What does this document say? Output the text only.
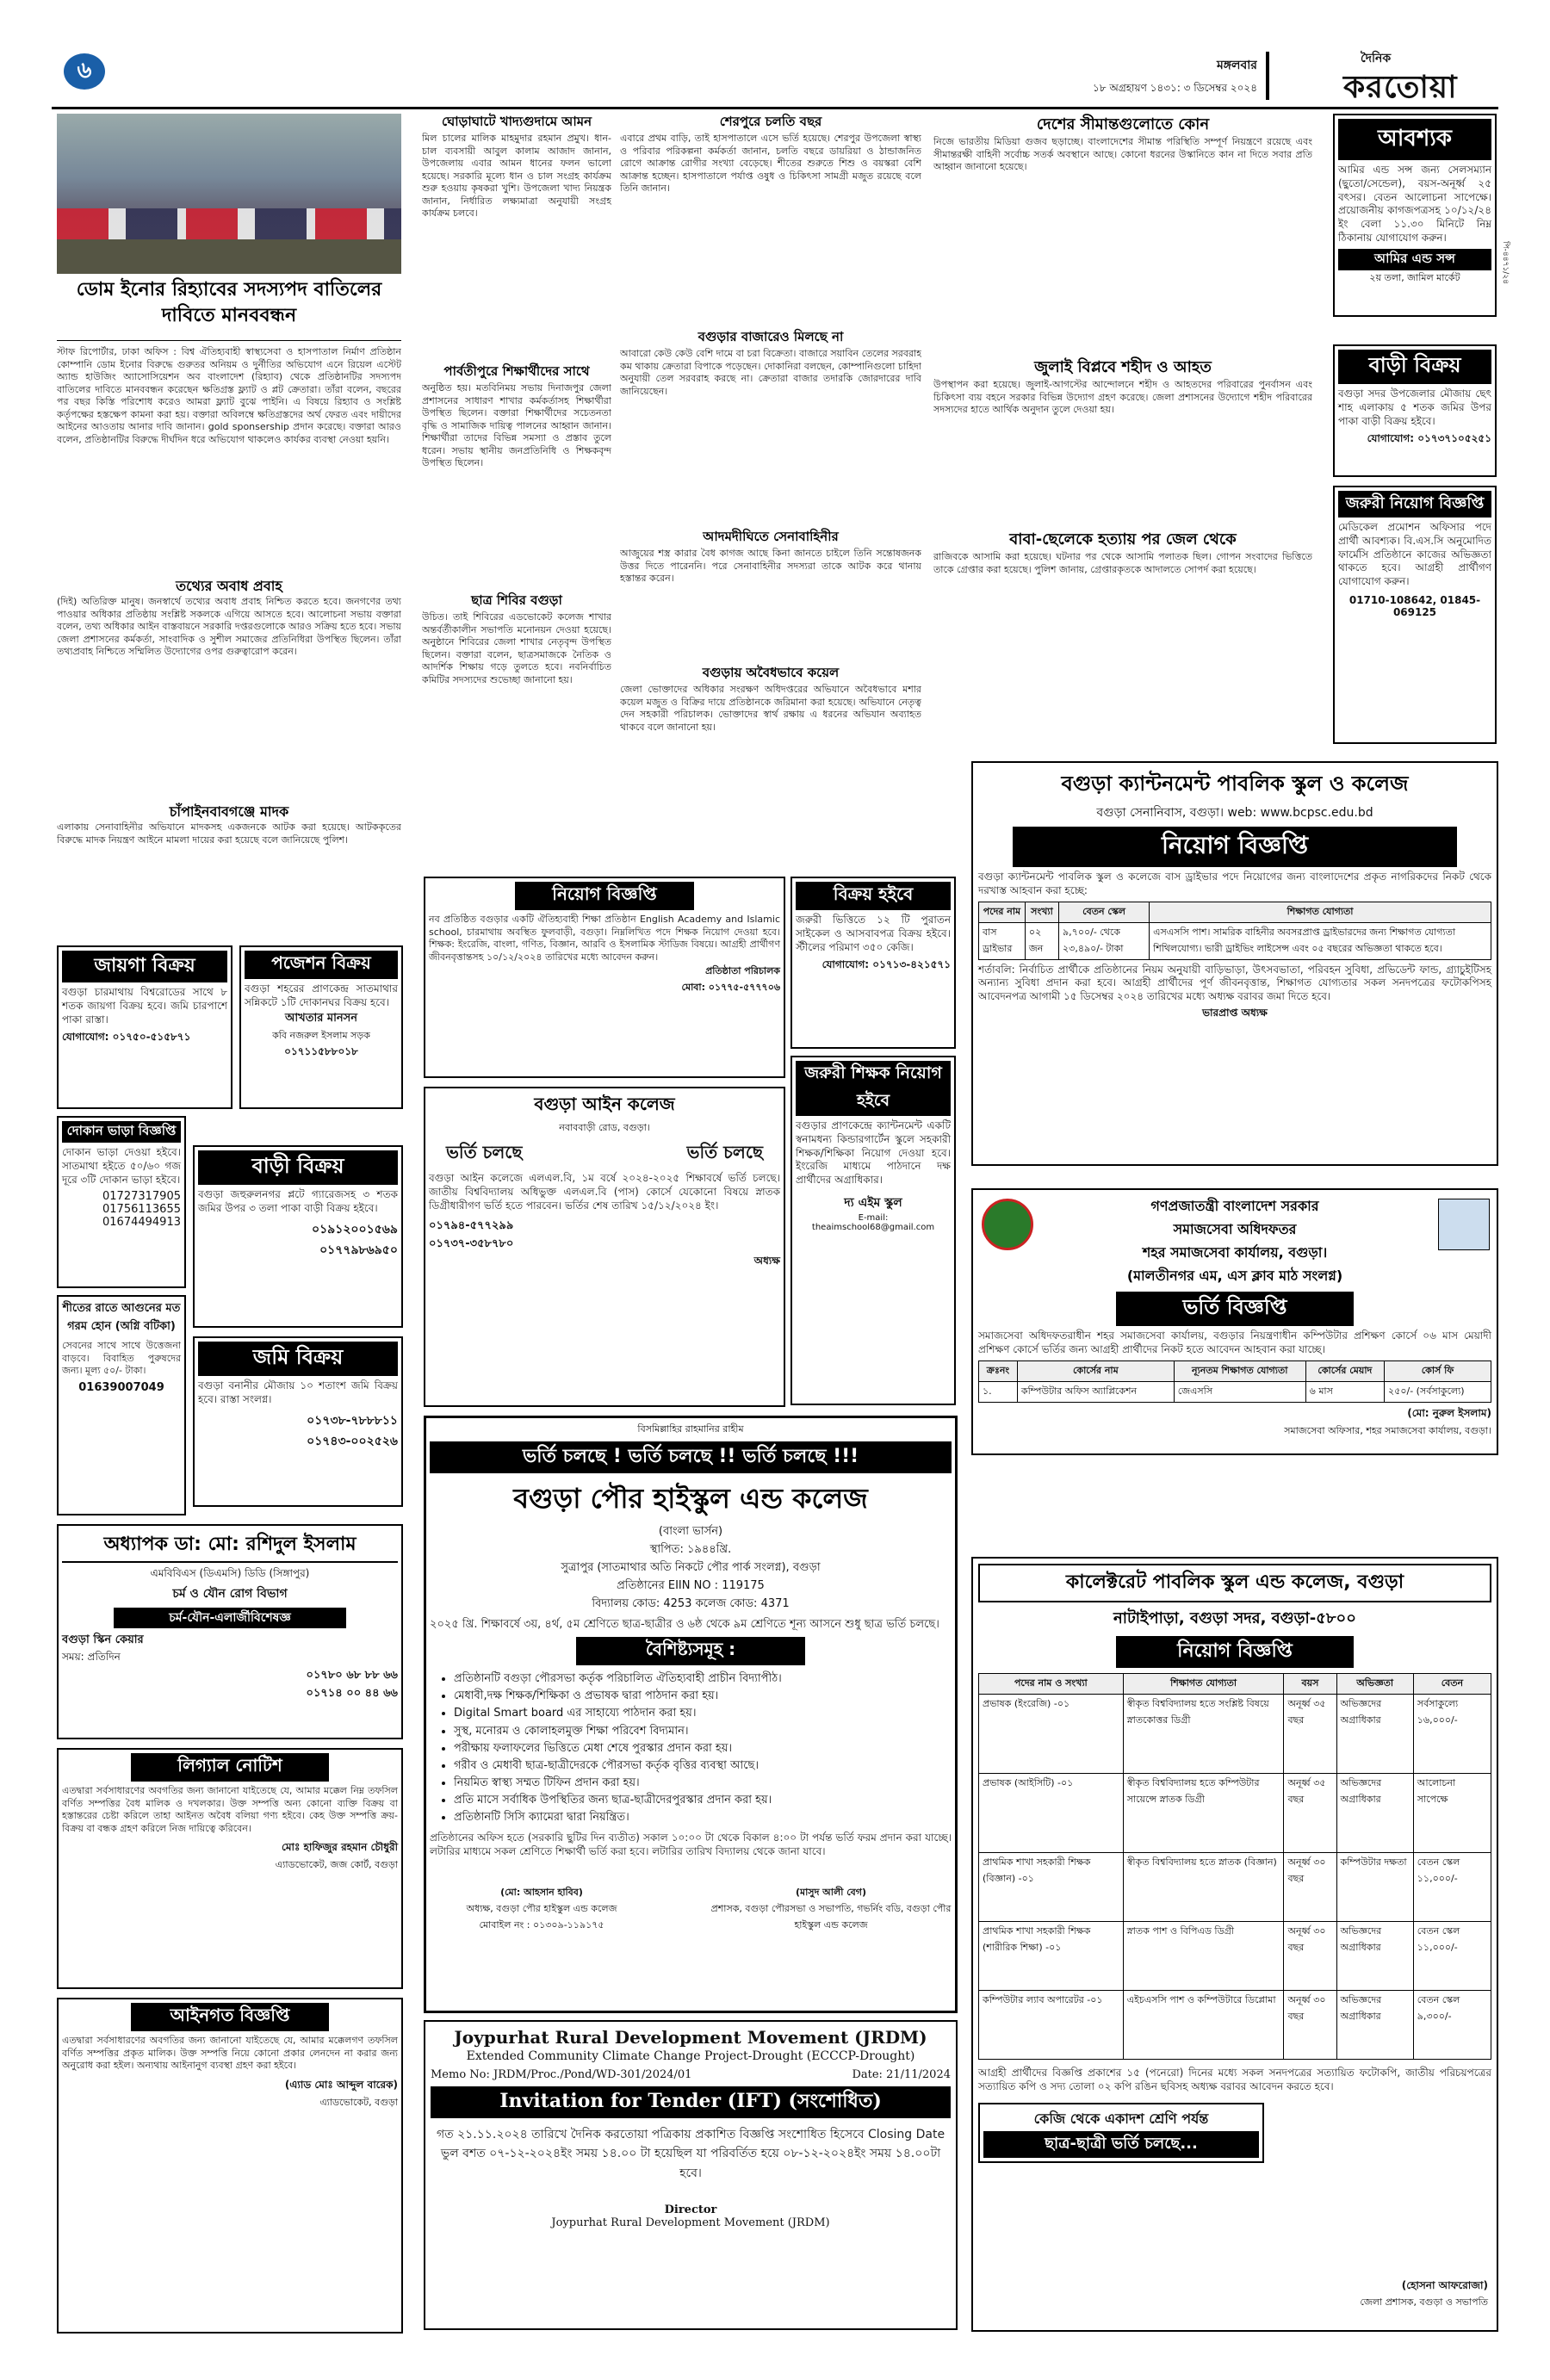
৬	মঙ্গলবার
১৮ অগ্রহায়ণ ১৪৩১: ৩ ডিসেম্বর ২০২৪
দৈনিক
করতোয়া
ডোম ইনোর রিহ্যাবের সদস্যপদ বাতিলের দাবিতে মানববন্ধন

স্টাফ রিপোর্টার, ঢাকা অফিস : বিশ্ব ঐতিহ্যবাহী স্বাস্থ্যসেবা ও হাসপাতাল নির্মাণ প্রতিষ্ঠান কোম্পানি ডোম ইনোর বিরুদ্ধে গুরুতর অনিয়ম ও দুর্নীতির অভিযোগ এনে রিয়েল এস্টেট অ্যান্ড হাউজিং অ্যাসোসিয়েশন অব বাংলাদেশ (রিহ্যাব) থেকে প্রতিষ্ঠানটির সদস্যপদ বাতিলের দাবিতে মানববন্ধন করেছেন ক্ষতিগ্রস্ত ফ্ল্যাট ও প্লট ক্রেতারা। তাঁরা বলেন, বছরের পর বছর কিস্তি পরিশোধ করেও আমরা ফ্ল্যাট বুঝে পাইনি। এ বিষয়ে রিহ্যাব ও সংশ্লিষ্ট কর্তৃপক্ষের হস্তক্ষেপ কামনা করা হয়। বক্তারা অবিলম্বে ক্ষতিগ্রস্তদের অর্থ ফেরত এবং দায়ীদের আইনের আওতায় আনার দাবি জানান। gold sponsership প্রদান করেছে। বক্তারা আরও বলেন, প্রতিষ্ঠানটির বিরুদ্ধে দীর্ঘদিন ধরে অভিযোগ থাকলেও কার্যকর ব্যবস্থা নেওয়া হয়নি।

তথ্যের অবাধ প্রবাহ

(দিই) অতিরিক্ত মানুষ। জনস্বার্থে তথ্যের অবাধ প্রবাহ নিশ্চিত করতে হবে। জনগণের তথ্য পাওয়ার অধিকার প্রতিষ্ঠায় সংশ্লিষ্ট সকলকে এগিয়ে আসতে হবে। আলোচনা সভায় বক্তারা বলেন, তথ্য অধিকার আইন বাস্তবায়নে সরকারি দপ্তরগুলোকে আরও সক্রিয় হতে হবে। সভায় জেলা প্রশাসনের কর্মকর্তা, সাংবাদিক ও সুশীল সমাজের প্রতিনিধিরা উপস্থিত ছিলেন। তাঁরা তথ্যপ্রবাহ নিশ্চিতে সম্মিলিত উদ্যোগের ওপর গুরুত্বারোপ করেন।

চাঁপাইনবাবগঞ্জে মাদক

এলাকায় সেনাবাহিনীর অভিযানে মাদকসহ একজনকে আটক করা হয়েছে। আটককৃতের বিরুদ্ধে মাদক নিয়ন্ত্রণ আইনে মামলা দায়ের করা হয়েছে বলে জানিয়েছে পুলিশ।

ঘোড়াঘাটে খাদ্যগুদামে আমন

মিল চালের মালিক মাহমুদার রহমান প্রমুখ। ধান-চাল ব্যবসায়ী আবুল কালাম আজাদ জানান, উপজেলায় এবার আমন ধানের ফলন ভালো হয়েছে। সরকারি মূল্যে ধান ও চাল সংগ্রহ কার্যক্রম শুরু হওয়ায় কৃষকরা খুশি। উপজেলা খাদ্য নিয়ন্ত্রক জানান, নির্ধারিত লক্ষ্যমাত্রা অনুযায়ী সংগ্রহ কার্যক্রম চলবে।

পার্বতীপুরে শিক্ষার্থীদের সাথে

অনুষ্ঠিত হয়। মতবিনিময় সভায় দিনাজপুর জেলা প্রশাসনের সাধারণ শাখার কর্মকর্তাসহ শিক্ষার্থীরা উপস্থিত ছিলেন। বক্তারা শিক্ষার্থীদের সচেতনতা বৃদ্ধি ও সামাজিক দায়িত্ব পালনের আহ্বান জানান। শিক্ষার্থীরা তাদের বিভিন্ন সমস্যা ও প্রস্তাব তুলে ধরেন। সভায় স্থানীয় জনপ্রতিনিধি ও শিক্ষকবৃন্দ উপস্থিত ছিলেন।

ছাত্র শিবির বগুড়া

উচিত। তাই শিবিরের এডভোকেট কলেজ শাখার অন্তর্বর্তীকালীন সভাপতি মনোনয়ন দেওয়া হয়েছে। অনুষ্ঠানে শিবিরের জেলা শাখার নেতৃবৃন্দ উপস্থিত ছিলেন। বক্তারা বলেন, ছাত্রসমাজকে নৈতিক ও আদর্শিক শিক্ষায় গড়ে তুলতে হবে। নবনির্বাচিত কমিটির সদস্যদের শুভেচ্ছা জানানো হয়।

শেরপুরে চলতি বছর

এবারে প্রথম বাড়ি, তাই হাসপাতালে এসে ভর্তি হয়েছে। শেরপুর উপজেলা স্বাস্থ্য ও পরিবার পরিকল্পনা কর্মকর্তা জানান, চলতি বছরে ডায়রিয়া ও ঠান্ডাজনিত রোগে আক্রান্ত রোগীর সংখ্যা বেড়েছে। শীতের শুরুতে শিশু ও বয়স্করা বেশি আক্রান্ত হচ্ছেন। হাসপাতালে পর্যাপ্ত ওষুধ ও চিকিৎসা সামগ্রী মজুত রয়েছে বলে তিনি জানান।

বগুড়ার বাজারেও মিলছে না

আবারো কেউ কেউ বেশি দামে বা চরা বিক্রেতা। বাজারে সয়াবিন তেলের সরবরাহ কম থাকায় ক্রেতারা বিপাকে পড়েছেন। দোকানিরা বলছেন, কোম্পানিগুলো চাহিদা অনুযায়ী তেল সরবরাহ করছে না। ক্রেতারা বাজার তদারকি জোরদারের দাবি জানিয়েছেন।

আদমদীঘিতে সেনাবাহিনীর

আজুয়ের শস্ত্র কারার বৈধ কাগজ আছে কিনা জানতে চাইলে তিনি সন্তোষজনক উত্তর দিতে পারেননি। পরে সেনাবাহিনীর সদস্যরা তাকে আটক করে থানায় হস্তান্তর করেন।

বগুড়ায় অবৈধভাবে কয়েল

জেলা ভোক্তাদের অধিকার সংরক্ষণ অধিদপ্তরের অভিযানে অবৈধভাবে মশার কয়েল মজুত ও বিক্রির দায়ে প্রতিষ্ঠানকে জরিমানা করা হয়েছে। অভিযানে নেতৃত্ব দেন সহকারী পরিচালক। ভোক্তাদের স্বার্থ রক্ষায় এ ধরনের অভিযান অব্যাহত থাকবে বলে জানানো হয়।

দেশের সীমান্তগুলোতে কোন

নিজে ভারতীয় মিডিয়া গুজব ছড়াচ্ছে। বাংলাদেশের সীমান্ত পরিস্থিতি সম্পূর্ণ নিয়ন্ত্রণে রয়েছে এবং সীমান্তরক্ষী বাহিনী সর্বোচ্চ সতর্ক অবস্থানে আছে। কোনো ধরনের উস্কানিতে কান না দিতে সবার প্রতি আহ্বান জানানো হয়েছে।

জুলাই বিপ্লবে শহীদ ও আহত

উপস্থাপন করা হয়েছে। জুলাই-আগস্টের আন্দোলনে শহীদ ও আহতদের পরিবারের পুনর্বাসন এবং চিকিৎসা ব্যয় বহনে সরকার বিভিন্ন উদ্যোগ গ্রহণ করেছে। জেলা প্রশাসনের উদ্যোগে শহীদ পরিবারের সদস্যদের হাতে আর্থিক অনুদান তুলে দেওয়া হয়।

বাবা-ছেলেকে হত্যায় পর জেল থেকে

রাজিবকে আসামি করা হয়েছে। ঘটনার পর থেকে আসামি পলাতক ছিল। গোপন সংবাদের ভিত্তিতে তাকে গ্রেপ্তার করা হয়েছে। পুলিশ জানায়, গ্রেপ্তারকৃতকে আদালতে সোপর্দ করা হয়েছে।

আবশ্যক
আমির এন্ড সন্স জন্য সেলসম্যান (ছুতো/সেন্ডেল), বয়স-অনূর্ধ্ব ২৫ বৎসর। বেতন আলোচনা সাপেক্ষে। প্রয়োজনীয় কাগজপত্রসহ ১০/১২/২৪ ইং বেলা ১১.৩০ মিনিটে নিম্ন ঠিকানায় যোগাযোগ করুন।
আমির এন্ড সন্স
২য় তলা, জামিল মার্কেট	পি-৪৪৭১/২৪
বাড়ী বিক্রয়
বগুড়া সদর উপজেলার মৌজায় ছেৎ শাহ এলাকায় ৫ শতক জমির উপর পাকা বাড়ী বিক্রয় হইবে।
যোগাযোগ: ০১৭৩৭১০৫২৫১
জরুরী নিয়োগ বিজ্ঞপ্তি
মেডিকেল প্রমোশন অফিসার পদে প্রার্থী আবশ্যক। বি.এস.সি অনুমোদিত ফার্মেসি প্রতিষ্ঠানে কাজের অভিজ্ঞতা থাকতে হবে। আগ্রহী প্রার্থীগণ যোগাযোগ করুন।
01710-108642, 01845-069125
বগুড়া ক্যান্টনমেন্ট পাবলিক স্কুল ও কলেজ
বগুড়া সেনানিবাস, বগুড়া। web: www.bcpsc.edu.bd
নিয়োগ বিজ্ঞপ্তি
বগুড়া ক্যান্টনমেন্ট পাবলিক স্কুল ও কলেজে বাস ড্রাইভার পদে নিয়োগের জন্য বাংলাদেশের প্রকৃত নাগরিকদের নিকট থেকে দরখাস্ত আহবান করা হচ্ছে:
পদের নাম	সংখ্যা	বেতন স্কেল	শিক্ষাগত যোগ্যতা
বাস ড্রাইভার	০২ জন	৯,৭০০/- থেকে ২৩,৪৯০/- টাকা	এসএসসি পাশ। সামরিক বাহিনীর অবসরপ্রাপ্ত ড্রাইভারদের জন্য শিক্ষাগত যোগ্যতা শিথিলযোগ্য। ভারী ড্রাইভিং লাইসেন্স এবং ০৫ বছরের অভিজ্ঞতা থাকতে হবে।
শর্তাবলি: নির্বাচিত প্রার্থীকে প্রতিষ্ঠানের নিয়ম অনুযায়ী বাড়িভাড়া, উৎসবভাতা, পরিবহন সুবিধা, প্রভিডেন্ট ফান্ড, গ্র্যাচুইটিসহ অন্যান্য সুবিধা প্রদান করা হবে। আগ্রহী প্রার্থীদের পূর্ণ জীবনবৃত্তান্ত, শিক্ষাগত যোগ্যতার সকল সনদপত্রের ফটোকপিসহ আবেদনপত্র আগামী ১৫ ডিসেম্বর ২০২৪ তারিখের মধ্যে অধ্যক্ষ বরাবর জমা দিতে হবে।
ভারপ্রাপ্ত অধ্যক্ষ
গণপ্রজাতন্ত্রী বাংলাদেশ সরকার
সমাজসেবা অধিদফতর
শহর সমাজসেবা কার্যালয়, বগুড়া।
(মালতীনগর এম, এস ক্লাব মাঠ সংলগ্ন)
ভর্তি বিজ্ঞপ্তি
সমাজসেবা অধিদফতরাধীন শহর সমাজসেবা কার্যালয়, বগুড়ার নিয়ন্ত্রণাধীন কম্পিউটার প্রশিক্ষণ কোর্সে ০৬ মাস মেয়াদী প্রশিক্ষণ কোর্সে ভর্তির জন্য আগ্রহী প্রার্থীদের নিকট হতে আবেদন আহবান করা যাচ্ছে।
ক্রঃনং	কোর্সের নাম	ন্যূনতম শিক্ষাগত যোগ্যতা	কোর্সের মেয়াদ	কোর্স ফি
১.	কম্পিউটার অফিস অ্যাপ্লিকেশন	জেএসসি	৬ মাস	২৫০/- (সর্বসাকুল্যে)
(মো: নুরুল ইসলাম)
সমাজসেবা অফিসার, শহর সমাজসেবা কার্যালয়, বগুড়া।
কালেক্টরেট পাবলিক স্কুল এন্ড কলেজ, বগুড়া
নাটাইপাড়া, বগুড়া সদর, বগুড়া-৫৮০০
নিয়োগ বিজ্ঞপ্তি
পদের নাম ও সংখ্যা	শিক্ষাগত যোগ্যতা	বয়স	অভিজ্ঞতা	বেতন
প্রভাষক (ইংরেজি) -০১	স্বীকৃত বিশ্ববিদ্যালয় হতে সংশ্লিষ্ট বিষয়ে স্নাতকোত্তর ডিগ্রী	অনূর্ধ্ব ৩৫ বছর	অভিজ্ঞদের অগ্রাধিকার	সর্বসাকুল্যে ১৬,০০০/-
প্রভাষক (আইসিটি) -০১	স্বীকৃত বিশ্ববিদ্যালয় হতে কম্পিউটার সায়েন্সে স্নাতক ডিগ্রী	অনূর্ধ্ব ৩৫ বছর	অভিজ্ঞদের অগ্রাধিকার	আলোচনা সাপেক্ষে
প্রাথমিক শাখা সহকারী শিক্ষক (বিজ্ঞান) -০১	স্বীকৃত বিশ্ববিদ্যালয় হতে স্নাতক (বিজ্ঞান)	অনূর্ধ্ব ৩০ বছর	কম্পিউটার দক্ষতা	বেতন স্কেল ১১,০০০/-
প্রাথমিক শাখা সহকারী শিক্ষক (শারীরিক শিক্ষা) -০১	স্নাতক পাশ ও বিপিএড ডিগ্রী	অনূর্ধ্ব ৩০ বছর	অভিজ্ঞদের অগ্রাধিকার	বেতন স্কেল ১১,০০০/-
কম্পিউটার ল্যাব অপারেটর -০১	এইচএসসি পাশ ও কম্পিউটারে ডিপ্লোমা	অনূর্ধ্ব ৩০ বছর	অভিজ্ঞদের অগ্রাধিকার	বেতন স্কেল ৯,৩০০/-
আগ্রহী প্রার্থীদের বিজ্ঞপ্তি প্রকাশের ১৫ (পনেরো) দিনের মধ্যে সকল সনদপত্রের সত্যায়িত ফটোকপি, জাতীয় পরিচয়পত্রের সত্যায়িত কপি ও সদ্য তোলা ০২ কপি রঙিন ছবিসহ অধ্যক্ষ বরাবর আবেদন করতে হবে।
কেজি থেকে একাদশ শ্রেণি পর্যন্ত
ছাত্র-ছাত্রী ভর্তি চলছে...
(হোসনা আফরোজা)
জেলা প্রশাসক, বগুড়া ও সভাপতি
জায়গা বিক্রয়
বগুড়া চারমাথায় বিশ্বরোডের সাথে ৮ শতক জায়গা বিক্রয় হবে। জমি চারপাশে পাকা রাস্তা।
যোগাযোগ: ০১৭৫০-৫১৫৮৭১
পজেশন বিক্রয়
বগুড়া শহরের প্রাণকেন্দ্র সাতমাথার সন্নিকটে ১টি দোকানঘর বিক্রয় হবে।
আখতার মানসন
কবি নজরুল ইসলাম সড়ক
০১৭১১৫৮৮০১৮
দোকান ভাড়া বিজ্ঞপ্তি
দোকান ভাড়া দেওয়া হইবে। সাতমাথা হইতে ৫০/৬০ গজ দূরে ৩টি দোকান ভাড়া হইবে।
01727317905
01756113655
01674494913
বাড়ী বিক্রয়
বগুড়া জহুরুলনগর প্লটে গ্যারেজসহ ৩ শতক জমির উপর ৩ তলা পাকা বাড়ী বিক্রয় হইবে।
০১৯১২০০১৫৬৯
০১৭৭৯৮৬৯৫০
শীতের রাতে আগুনের মত গরম হোন (অগ্নি বটিকা)
সেবনের সাথে সাথে উত্তেজনা বাড়বে। বিবাহিত পুরুষদের জন্য। মূল্য ৫০/- টাকা।
01639007049
জমি বিক্রয়
বগুড়া বনানীর মৌজায় ১০ শতাংশ জমি বিক্রয় হবে। রাস্তা সংলগ্ন।
০১৭৩৮-৭৮৮৮১১
০১৭৪৩-০০২৫২৬
অধ্যাপক ডা: মো: রশিদুল ইসলাম
এমবিবিএস (ডিএমসি) ডিডি (সিঙ্গাপুর)
চর্ম ও যৌন রোগ বিভাগ
চর্ম-যৌন-এলার্জীবিশেষজ্ঞ
বগুড়া স্কিন কেয়ার
সময়: প্রতিদিন
০১৭৮০ ৬৮ ৮৮ ৬৬
০১৭১৪ ০০ ৪৪ ৬৬
লিগ্যাল নোটিশ
এতদ্বারা সর্বসাধারণের অবগতির জন্য জানানো যাইতেছে যে, আমার মক্কেল নিম্ন তফসিল বর্ণিত সম্পত্তির বৈধ মালিক ও দখলকার। উক্ত সম্পত্তি অন্য কোনো ব্যক্তি বিক্রয় বা হস্তান্তরের চেষ্টা করিলে তাহা আইনত অবৈধ বলিয়া গণ্য হইবে। কেহ উক্ত সম্পত্তি ক্রয়-বিক্রয় বা বন্ধক গ্রহণ করিলে নিজ দায়িত্বে করিবেন।
মোঃ হাফিজুর রহমান চৌধুরী
এ্যাডভোকেট, জজ কোর্ট, বগুড়া
আইনগত বিজ্ঞপ্তি
এতদ্বারা সর্বসাধারণের অবগতির জন্য জানানো যাইতেছে যে, আমার মক্কেলগণ তফসিল বর্ণিত সম্পত্তির প্রকৃত মালিক। উক্ত সম্পত্তি নিয়ে কোনো প্রকার লেনদেন না করার জন্য অনুরোধ করা হইল। অন্যথায় আইনানুগ ব্যবস্থা গ্রহণ করা হইবে।
(এ্যাড মোঃ আব্দুল বারেক)
এ্যাডভোকেট, বগুড়া
নিয়োগ বিজ্ঞপ্তি
নব প্রতিষ্ঠিত বগুড়ার একটি ঐতিহ্যবাহী শিক্ষা প্রতিষ্ঠান English Academy and Islamic school, চারমাথায় অবস্থিত ফুলবাড়ী, বগুড়া। নিম্নলিখিত পদে শিক্ষক নিয়োগ দেওয়া হবে। শিক্ষক: ইংরেজি, বাংলা, গণিত, বিজ্ঞান, আরবি ও ইসলামিক স্টাডিজ বিষয়ে। আগ্রহী প্রার্থীগণ জীবনবৃত্তান্তসহ ১০/১২/২০২৪ তারিখের মধ্যে আবেদন করুন।
প্রতিষ্ঠাতা পরিচালক
মোবা: ০১৭৭৫-৫৭৭৭০৬
বিক্রয় হইবে
জরুরী ভিত্তিতে ১২ টি পুরাতন সাইকেল ও আসবাবপত্র বিক্রয় হইবে। স্টীলের পরিমাণ ৩৫০ কেজি।
যোগাযোগ: ০১৭১৩-৪২১৫৭১
বগুড়া আইন কলেজ
নবাববাড়ী রোড, বগুড়া।
ভর্তি চলছে	ভর্তি চলছে
বগুড়া আইন কলেজে এলএল.বি, ১ম বর্ষে ২০২৪-২০২৫ শিক্ষাবর্ষে ভর্তি চলছে। জাতীয় বিশ্ববিদ্যালয় অধিভুক্ত এলএল.বি (পাস) কোর্সে যেকোনো বিষয়ে স্নাতক ডিগ্রীধারীগণ ভর্তি হতে পারবেন। ভর্তির শেষ তারিখ ১৫/১২/২০২৪ ইং।
০১৭৯৪-৫৭৭২৯৯
০১৭৩৭-৩৫৮৭৮০
অধ্যক্ষ
জরুরী শিক্ষক নিয়োগ হইবে
বগুড়ার প্রাণকেন্দ্রে ক্যান্টনমেন্ট একটি স্বনামধন্য কিন্ডারগার্টেন স্কুলে সহকারী শিক্ষক/শিক্ষিকা নিয়োগ দেওয়া হবে। ইংরেজি মাধ্যমে পাঠদানে দক্ষ প্রার্থীদের অগ্রাধিকার।
দ্য এইম স্কুল
E-mail: theaimschool68@gmail.com
বিসমিল্লাহির রাহমানির রাহীম
ভর্তি চলছে ! ভর্তি চলছে !! ভর্তি চলছে !!!
বগুড়া পৌর হাইস্কুল এন্ড কলেজ
(বাংলা ভার্সন)
স্থাপিত: ১৯৪৪খ্রি.
সুত্রাপুর (সাতমাথার অতি নিকটে পৌর পার্ক সংলগ্ন), বগুড়া
প্রতিষ্ঠানের EIIN NO : 119175
বিদ্যালয় কোড: 4253 কলেজ কোড: 4371
২০২৫ খ্রি. শিক্ষাবর্ষে ৩য়, ৪র্থ, ৫ম শ্রেণিতে ছাত্র-ছাত্রীর ও ৬ষ্ঠ থেকে ৯ম শ্রেণিতে শূন্য আসনে শুধু ছাত্র ভর্তি চলছে।
বৈশিষ্ট্যসমূহ :
• প্রতিষ্ঠানটি বগুড়া পৌরসভা কর্তৃক পরিচালিত ঐতিহ্যবাহী প্রাচীন বিদ্যাপীঠ।
• মেধাবী,দক্ষ শিক্ষক/শিক্ষিকা ও প্রভাষক দ্বারা পাঠদান করা হয়।
• Digital Smart board এর সাহায্যে পাঠদান করা হয়।
• সুস্থ, মনোরম ও কোলাহলমুক্ত শিক্ষা পরিবেশ বিদ্যমান।
• পরীক্ষায় ফলাফলের ভিত্তিতে মেধা শেষে পুরস্কার প্রদান করা হয়।
• গরীব ও মেধাবী ছাত্র-ছাত্রীদেরকে পৌরসভা কর্তৃক বৃত্তির ব্যবস্থা আছে।
• নিয়মিত স্বাস্থ্য সম্মত টিফিন প্রদান করা হয়।
• প্রতি মাসে সর্বাধিক উপস্থিতির জন্য ছাত্র-ছাত্রীদেরপুরস্কার প্রদান করা হয়।
• প্রতিষ্ঠানটি সিসি ক্যামেরা দ্বারা নিয়ন্ত্রিত।
প্রতিষ্ঠানের অফিস হতে (সরকারি ছুটির দিন ব্যতীত) সকাল ১০:০০ টা থেকে বিকাল ৪:০০ টা পর্যন্ত ভর্তি ফরম প্রদান করা যাচ্ছে। লটারির মাধ্যমে সকল শ্রেণিতে শিক্ষার্থী ভর্তি করা হবে। লটারির তারিখ বিদ্যালয় থেকে জানা যাবে।
(মো: আহসান হাবিব)
অধ্যক্ষ, বগুড়া পৌর হাইস্কুল এন্ড কলেজ
মোবাইল নং : ০১৩০৯-১১৯১৭৫
(মাসুদ আলী বেগ)
প্রশাসক, বগুড়া পৌরসভা ও সভাপতি, গভর্নিং বডি, বগুড়া পৌর হাইস্কুল এন্ড কলেজ
Joypurhat Rural Development Movement (JRDM)
Extended Community Climate Change Project-Drought (ECCCP-Drought)
Memo No: JRDM/Proc./Pond/WD-301/2024/01	Date: 21/11/2024
Invitation for Tender (IFT) (সংশোধিত)
গত ২১.১১.২০২৪ তারিখে দৈনিক করতোয়া পত্রিকায় প্রকাশিত বিজ্ঞপ্তি সংশোধিত হিসেবে Closing Date ভুল বশত ০৭-১২-২০২৪ইং সময় ১৪.০০ টা হয়েছিল যা পরিবর্তিত হয়ে ০৮-১২-২০২৪ইং সময় ১৪.০০টা হবে।
Director
Joypurhat Rural Development Movement (JRDM)
